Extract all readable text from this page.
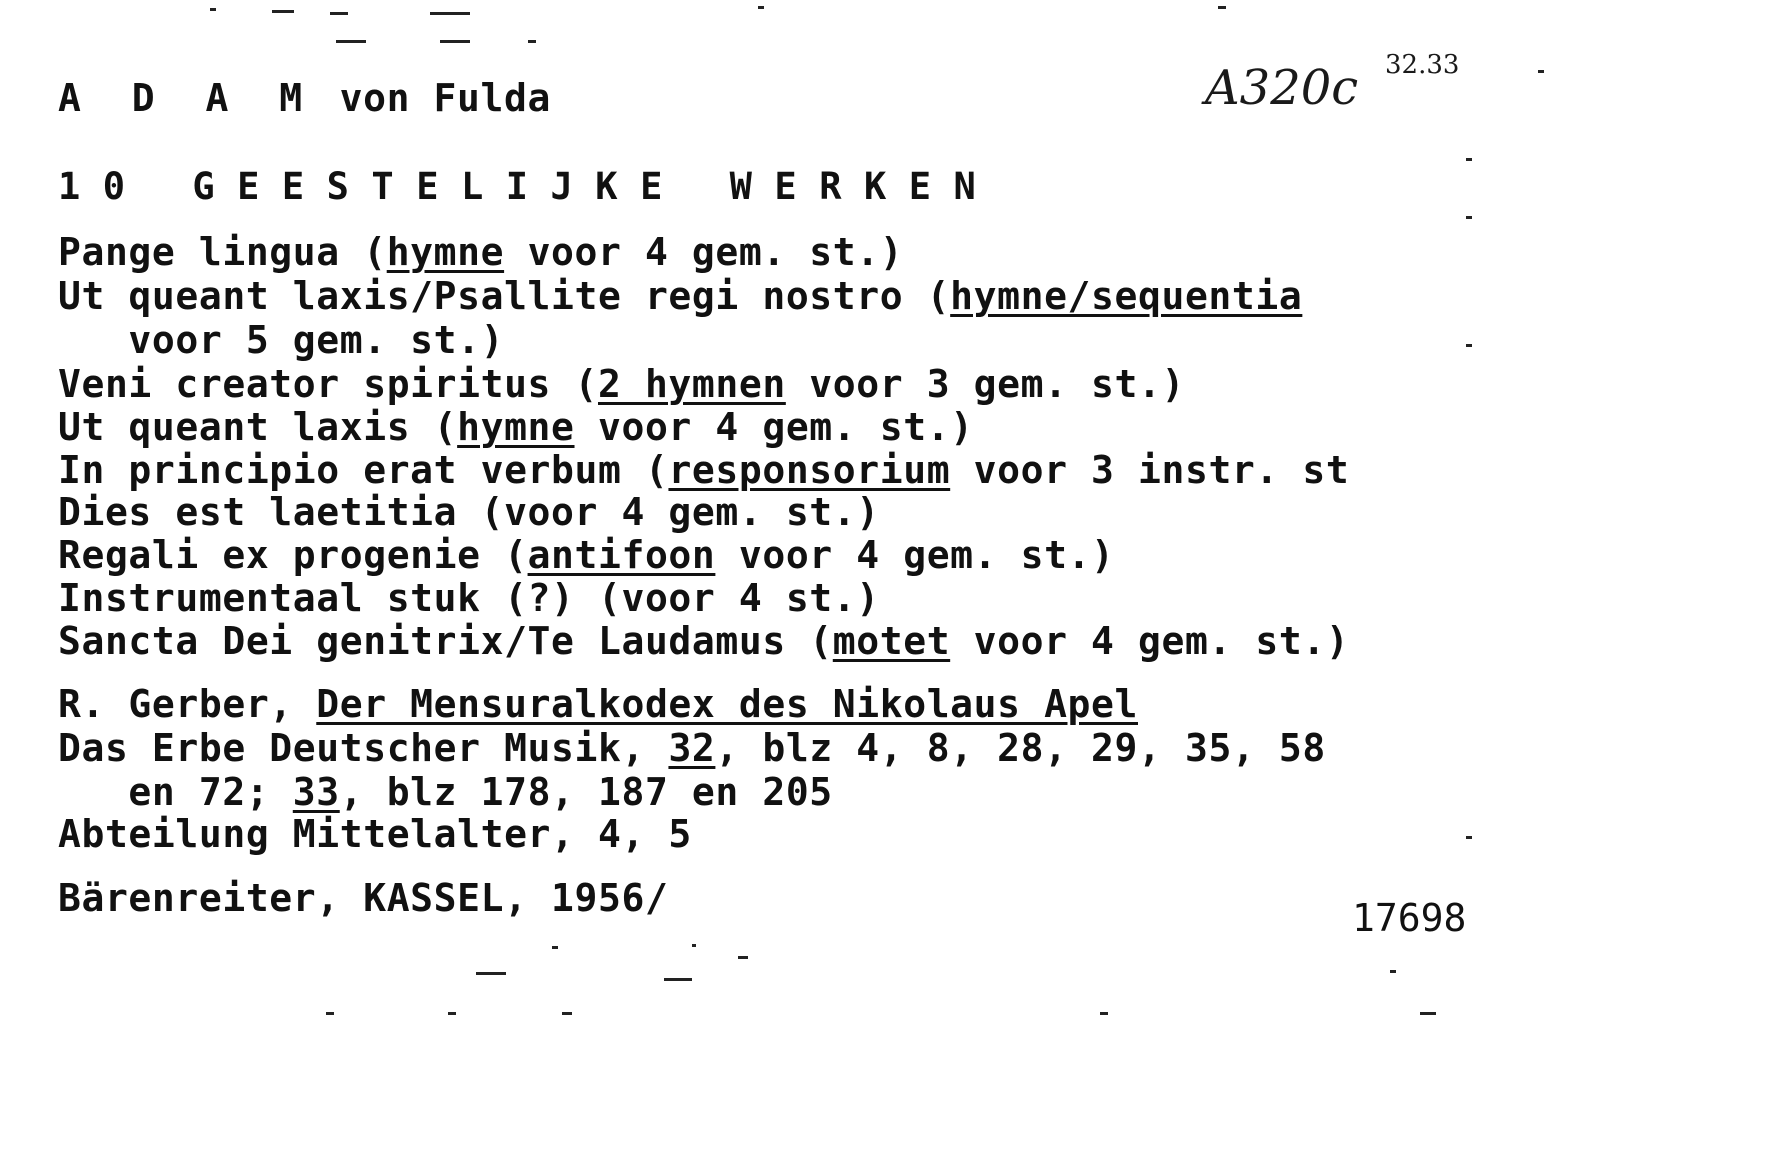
A D A M von Fulda	A320c 32.33
10 GEESTELIJKE WERKEN
Pange lingua (hymne voor 4 gem. st.)
Ut queant laxis/Psallite regi nostro (hymne/sequentia
voor 5 gem. st.)
Veni creator spiritus (2 hymnen voor 3 gem. st.)
Ut queant laxis (hymne voor 4 gem. st.)
In principio erat verbum (responsorium voor 3 instr. st
Dies est laetitia (voor 4 gem. st.)
Regali ex progenie (antifoon voor 4 gem. st.)
Instrumentaal stuk (?) (voor 4 st.)
Sancta Dei genitrix/Te Laudamus (motet voor 4 gem. st.)
R. Gerber, Der Mensuralkodex des Nikolaus Apel
Das Erbe Deutscher Musik, 32, blz 4, 8, 28, 29, 35, 58
en 72; 33, blz 178, 187 en 205
Abteilung Mittelalter, 4, 5
Bärenreiter, KASSEL, 1956/	17698
